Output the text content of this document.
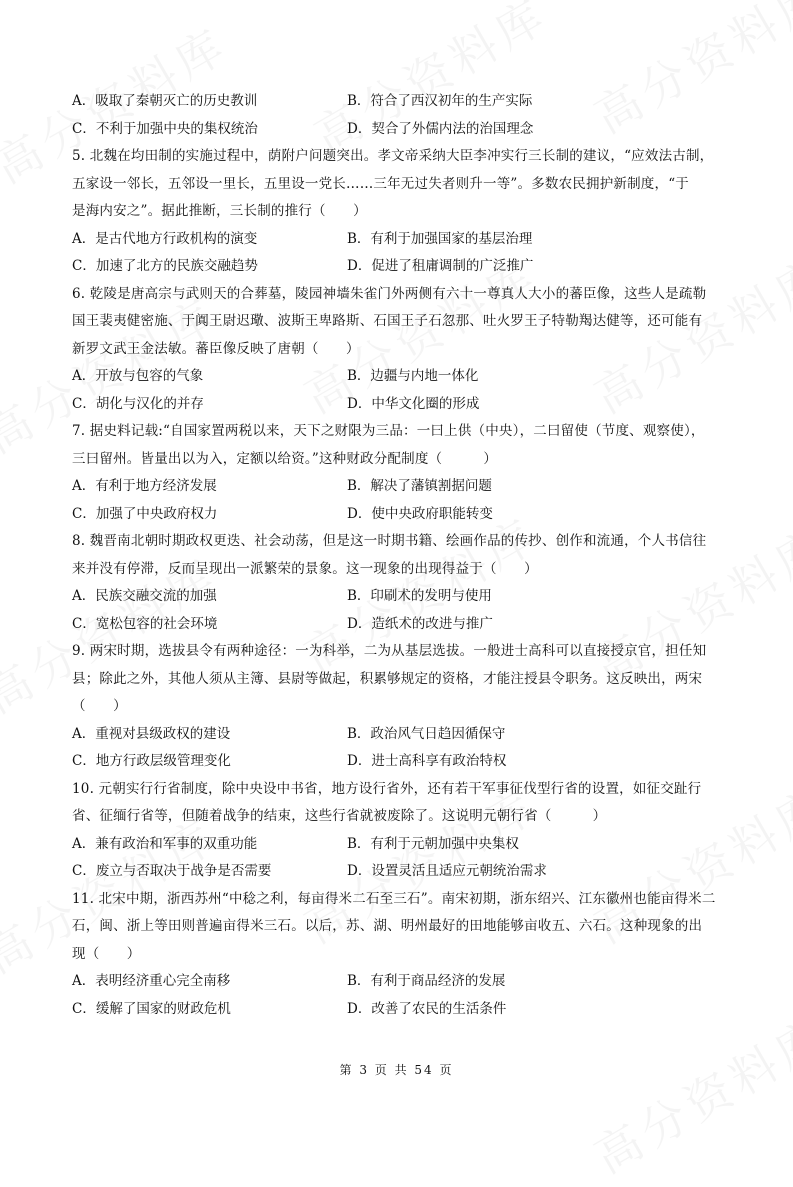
A．吸取了秦朝灭亡的历史教训	B．符合了西汉初年的生产实际
C．不利于加强中央的集权统治	D．契合了外儒内法的治国理念
5. 北魏在均田制的实施过程中，荫附户问题突出。孝文帝采纳大臣李冲实行三长制的建议，“应效法古制，
五家设一邻长，五邻设一里长，五里设一党长……三年无过失者则升一等”。多数农民拥护新制度，“于
是海内安之”。据此推断，三长制的推行（　　）
A．是古代地方行政机构的演变	B．有利于加强国家的基层治理
C．加速了北方的民族交融趋势	D．促进了租庸调制的广泛推广
6. 乾陵是唐高宗与武则天的合葬墓，陵园神墙朱雀门外两侧有六十一尊真人大小的蕃臣像，这些人是疏勒
国王裴夷健密施、于阗王尉迟璥、波斯王卑路斯、石国王子石忽那、吐火罗王子特勒羯达健等，还可能有
新罗文武王金法敏。蕃臣像反映了唐朝（　　）
A．开放与包容的气象	B．边疆与内地一体化
C．胡化与汉化的并存	D．中华文化圈的形成
7. 据史料记载:“自国家置两税以来，天下之财限为三品：一曰上供（中央），二曰留使（节度、观察使），
三曰留州。皆量出以为入，定额以给资。”这种财政分配制度（　　　）
A．有利于地方经济发展	B．解决了藩镇割据问题
C．加强了中央政府权力	D．使中央政府职能转变
8. 魏晋南北朝时期政权更迭、社会动荡，但是这一时期书籍、绘画作品的传抄、创作和流通，个人书信往
来并没有停滞，反而呈现出一派繁荣的景象。这一现象的出现得益于（　　）
A．民族交融交流的加强	B．印刷术的发明与使用
C．宽松包容的社会环境	D．造纸术的改进与推广
9. 两宋时期，选拔县令有两种途径：一为科举，二为从基层选拔。一般进士高科可以直接授京官，担任知
县；除此之外，其他人须从主簿、县尉等做起，积累够规定的资格，才能注授县令职务。这反映出，两宋
（　　）
A．重视对县级政权的建设	B．政治风气日趋因循保守
C．地方行政层级管理变化	D．进士高科享有政治特权
10. 元朝实行行省制度，除中央设中书省，地方设行省外，还有若干军事征伐型行省的设置，如征交趾行
省、征缅行省等，但随着战争的结束，这些行省就被废除了。这说明元朝行省（　　　）
A．兼有政治和军事的双重功能	B．有利于元朝加强中央集权
C．废立与否取决于战争是否需要	D．设置灵活且适应元朝统治需求
11. 北宋中期，浙西苏州“中稔之利，每亩得米二石至三石”。南宋初期，浙东绍兴、江东徽州也能亩得米二
石，闽、浙上等田则普遍亩得米三石。以后，苏、湖、明州最好的田地能够亩收五、六石。这种现象的出
现（　　）
A．表明经济重心完全南移	B．有利于商品经济的发展
C．缓解了国家的财政危机	D．改善了农民的生活条件
第 3 页 共 54 页
